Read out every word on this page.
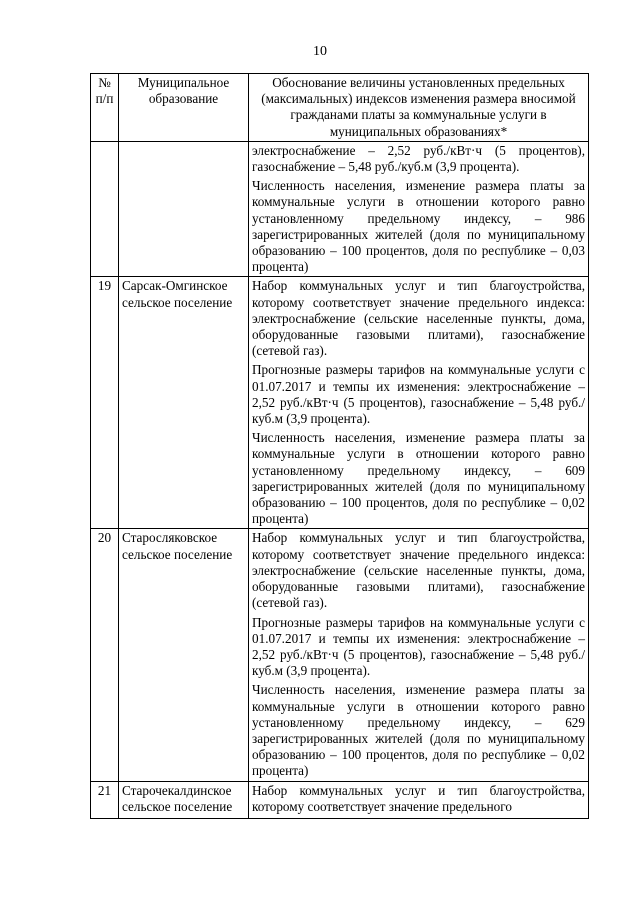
10
№ п/п	Муниципальное образование	Обоснование величины установленных предельных (максимальных) индексов изменения размера вносимой гражданами платы за коммунальные услуги в муниципальных образованиях*

		электроснабжение – 2,52 руб./кВт·ч (5 процентов), газоснабжение – 5,48 руб./куб.м (3,9 процента).

Численность населения, изменение размера платы за коммунальные услуги в отношении которого равно установленному предельному индексу, – 986 зарегистрированных жителей (доля по муниципальному образованию – 100 процентов, доля по республике – 0,03 процента)

19	Сарсак-Омгинское сельское поселение	Набор коммунальных услуг и тип благоустройства, которому соответствует значение предельного индекса: электроснабжение (сельские населенные пункты, дома, оборудованные газовыми плитами), газоснабжение (сетевой газ).

Прогнозные размеры тарифов на коммунальные услуги с 01.07.2017 и темпы их изменения: электроснабжение – 2,52 руб./кВт·ч (5 процентов), газоснабжение – 5,48 руб./куб.м (3,9 процента).

Численность населения, изменение размера платы за коммунальные услуги в отношении которого равно установленному предельному индексу, – 609 зарегистрированных жителей (доля по муниципальному образованию – 100 процентов, доля по республике – 0,02 процента)

20	Старосляковское сельское поселение	Набор коммунальных услуг и тип благоустройства, которому соответствует значение предельного индекса: электроснабжение (сельские населенные пункты, дома, оборудованные газовыми плитами), газоснабжение (сетевой газ).

Прогнозные размеры тарифов на коммунальные услуги с 01.07.2017 и темпы их изменения: электроснабжение – 2,52 руб./кВт·ч (5 процентов), газоснабжение – 5,48 руб./куб.м (3,9 процента).

Численность населения, изменение размера платы за коммунальные услуги в отношении которого равно установленному предельному индексу, – 629 зарегистрированных жителей (доля по муниципальному образованию – 100 процентов, доля по республике – 0,02 процента)

21	Старочекалдинское сельское поселение	Набор коммунальных услуг и тип благоустройства, которому соответствует значение предельного
